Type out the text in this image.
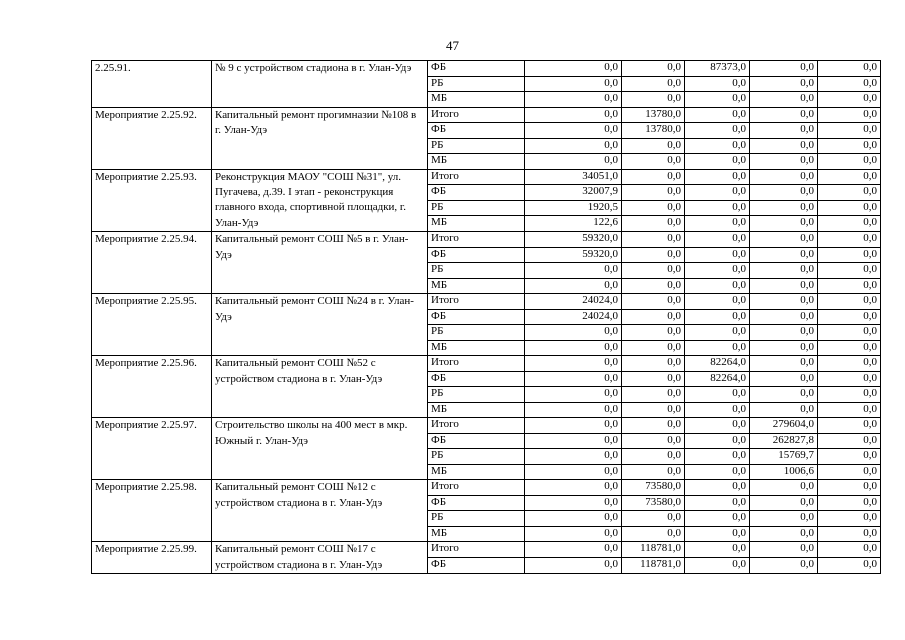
47
2.25.91.	№ 9 с устройством стадиона в г. Улан-Удэ	ФБ	0,0	0,0	87373,0	0,0	0,0
		РБ	0,0	0,0	0,0	0,0	0,0
		МБ	0,0	0,0	0,0	0,0	0,0

Мероприятие 2.25.92.	Капитальный ремонт прогимназии №108 в г. Улан-Удэ	Итого	0,0	13780,0	0,0	0,0	0,0
		ФБ	0,0	13780,0	0,0	0,0	0,0
		РБ	0,0	0,0	0,0	0,0	0,0
		МБ	0,0	0,0	0,0	0,0	0,0

Мероприятие 2.25.93.	Реконструкция МАОУ "СОШ №31", ул. Пугачева, д.39. I этап - реконструкция главного входа, спортивной площадки, г. Улан-Удэ	Итого	34051,0	0,0	0,0	0,0	0,0
		ФБ	32007,9	0,0	0,0	0,0	0,0
		РБ	1920,5	0,0	0,0	0,0	0,0
		МБ	122,6	0,0	0,0	0,0	0,0

Мероприятие 2.25.94.	Капитальный ремонт СОШ №5 в г. Улан-Удэ	Итого	59320,0	0,0	0,0	0,0	0,0
		ФБ	59320,0	0,0	0,0	0,0	0,0
		РБ	0,0	0,0	0,0	0,0	0,0
		МБ	0,0	0,0	0,0	0,0	0,0

Мероприятие 2.25.95.	Капитальный ремонт СОШ №24 в г. Улан-Удэ	Итого	24024,0	0,0	0,0	0,0	0,0
		ФБ	24024,0	0,0	0,0	0,0	0,0
		РБ	0,0	0,0	0,0	0,0	0,0
		МБ	0,0	0,0	0,0	0,0	0,0

Мероприятие 2.25.96.	Капитальный ремонт СОШ №52 с устройством стадиона в г. Улан-Удэ	Итого	0,0	0,0	82264,0	0,0	0,0
		ФБ	0,0	0,0	82264,0	0,0	0,0
		РБ	0,0	0,0	0,0	0,0	0,0
		МБ	0,0	0,0	0,0	0,0	0,0

Мероприятие 2.25.97.	Строительство школы на 400 мест в мкр. Южный г. Улан-Удэ	Итого	0,0	0,0	0,0	279604,0	0,0
		ФБ	0,0	0,0	0,0	262827,8	0,0
		РБ	0,0	0,0	0,0	15769,7	0,0
		МБ	0,0	0,0	0,0	1006,6	0,0

Мероприятие 2.25.98.	Капитальный ремонт СОШ №12 с устройством стадиона в г. Улан-Удэ	Итого	0,0	73580,0	0,0	0,0	0,0
		ФБ	0,0	73580,0	0,0	0,0	0,0
		РБ	0,0	0,0	0,0	0,0	0,0
		МБ	0,0	0,0	0,0	0,0	0,0

Мероприятие 2.25.99.	Капитальный ремонт СОШ №17 с устройством стадиона в г. Улан-Удэ	Итого	0,0	118781,0	0,0	0,0	0,0
		ФБ	0,0	118781,0	0,0	0,0	0,0
